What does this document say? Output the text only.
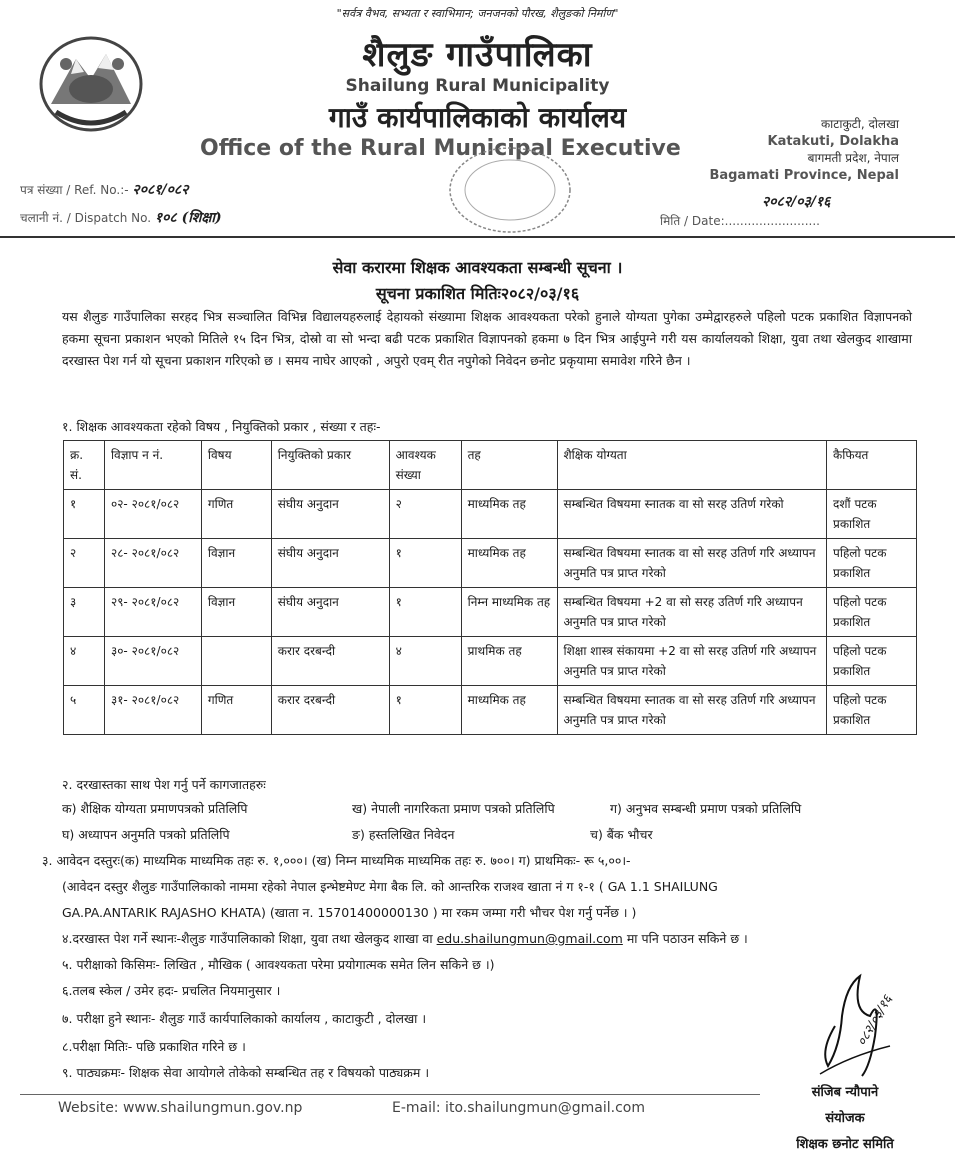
"सर्वत्र वैभव, सभ्यता र स्वाभिमान; जनजनको पौरख, शैलुङको निर्माण"
शैलुङ गाउँपालिका
Shailung Rural Municipality
गाउँ कार्यपालिकाको कार्यालय
Office of the Rural Municipal Executive
काटाकुटी, दोलखा
Katakuti, Dolakha
बागमती प्रदेश, नेपाल
Bagamati Province, Nepal
पत्र संख्या / Ref. No.:- २०८१/०८२
चलानी नं. / Dispatch No. १०८ (शिक्षा)
२०८२/०३/१६
मिति / Date:.........................
सेवा करारमा शिक्षक आवश्यकता सम्बन्धी सूचना ।
सूचना प्रकाशित मितिः२०८२/०३/१६
यस शैलुङ गाउँपालिका सरहद भित्र सञ्चालित विभिन्न विद्यालयहरुलाई देहायको संख्यामा शिक्षक आवश्यकता परेको हुनाले योग्यता पुगेका उम्मेद्वारहरुले पहिलो पटक प्रकाशित विज्ञापनको हकमा सूचना प्रकाशन भएको मितिले १५ दिन भित्र, दोस्रो वा सो भन्दा बढी पटक प्रकाशित विज्ञापनको हकमा ७ दिन भित्र आईपुग्ने गरी यस कार्यालयको शिक्षा, युवा तथा खेलकुद शाखामा दरखास्त पेश गर्न यो सूचना प्रकाशन गरिएको छ । समय नाघेर आएको , अपुरो एवम् रीत नपुगेको निवेदन छनोट प्रकृयामा समावेश गरिने छैन ।
१. शिक्षक आवश्यकता रहेको विषय , नियुक्तिको प्रकार , संख्या र तहः-
क्र. सं.	विज्ञाप न नं.	विषय	नियुक्तिको प्रकार	आवश्यक संख्या	तह	शैक्षिक योग्यता	कैफियत
१	०२- २०८१/०८२	गणित	संघीय अनुदान	२	माध्यमिक तह	सम्बन्धित विषयमा स्नातक वा सो सरह उतिर्ण गरेको	दशौं पटक प्रकाशित
२	२८- २०८१/०८२	विज्ञान	संघीय अनुदान	१	माध्यमिक तह	सम्बन्धित विषयमा स्नातक वा सो सरह उतिर्ण गरि अध्यापन अनुमति पत्र प्राप्त गरेको	पहिलो पटक प्रकाशित
३	२९- २०८१/०८२	विज्ञान	संघीय अनुदान	१	निम्न माध्यमिक तह	सम्बन्धित विषयमा +2 वा सो सरह उतिर्ण गरि अध्यापन अनुमति पत्र प्राप्त गरेको	पहिलो पटक प्रकाशित
४	३०- २०८१/०८२		करार दरबन्दी	४	प्राथमिक तह	शिक्षा शास्त्र संकायमा +2 वा सो सरह उतिर्ण गरि अध्यापन अनुमति पत्र प्राप्त गरेको	पहिलो पटक प्रकाशित
५	३१- २०८१/०८२	गणित	करार दरबन्दी	१	माध्यमिक तह	सम्बन्धित विषयमा स्नातक वा सो सरह उतिर्ण गरि अध्यापन अनुमति पत्र प्राप्त गरेको	पहिलो पटक प्रकाशित
२. दरखास्तका साथ पेश गर्नु पर्ने कागजातहरुः
क) शैक्षिक योग्यता प्रमाणपत्रको प्रतिलिपि	ख) नेपाली नागरिकता प्रमाण पत्रको प्रतिलिपि	ग) अनुभव सम्बन्धी प्रमाण पत्रको प्रतिलिपि
घ) अध्यापन अनुमति पत्रको प्रतिलिपि	ङ) हस्तलिखित निवेदन	च) बैंक भौचर
३. आवेदन दस्तुरः(क) माध्यमिक माध्यमिक तहः रु. १,०००। (ख) निम्न माध्यमिक माध्यमिक तहः रु. ७००। ग) प्राथमिकः- रू ५,००।-
(आवेदन दस्तुर शैलुङ गाउँपालिकाको नाममा रहेको नेपाल इन्भेष्टमेण्ट मेगा बैक लि. को आन्तरिक राजश्व खाता नं ग १-१ ( GA 1.1 SHAILUNG
GA.PA.ANTARIK RAJASHO KHATA) (खाता न. 15701400000130 ) मा रकम जम्मा गरी भौचर पेश गर्नु पर्नेछ । )
४.दरखास्त पेश गर्ने स्थानः-शैलुङ गाउँपालिकाको शिक्षा, युवा तथा खेलकुद शाखा वा edu.shailungmun@gmail.com मा पनि पठाउन सकिने छ ।
५. परीक्षाको किसिमः- लिखित , मौखिक ( आवश्यकता परेमा प्रयोगात्मक समेत लिन सकिने छ ।)
६.तलब स्केल / उमेर हदः- प्रचलित नियमानुसार ।
७. परीक्षा हुने स्थानः- शैलुङ गाउँ कार्यपालिकाको कार्यालय , काटाकुटी , दोलखा ।
८.परीक्षा मितिः- पछि प्रकाशित गरिने छ ।
९. पाठ्यक्रमः- शिक्षक सेवा आयोगले तोकेको सम्बन्धित तह र विषयको पाठ्यक्रम ।
०८२/०३/१६
संजिब न्यौपाने
संयोजक
शिक्षक छनोट समिति
Website: www.shailungmun.gov.np	E-mail: ito.shailungmun@gmail.com
